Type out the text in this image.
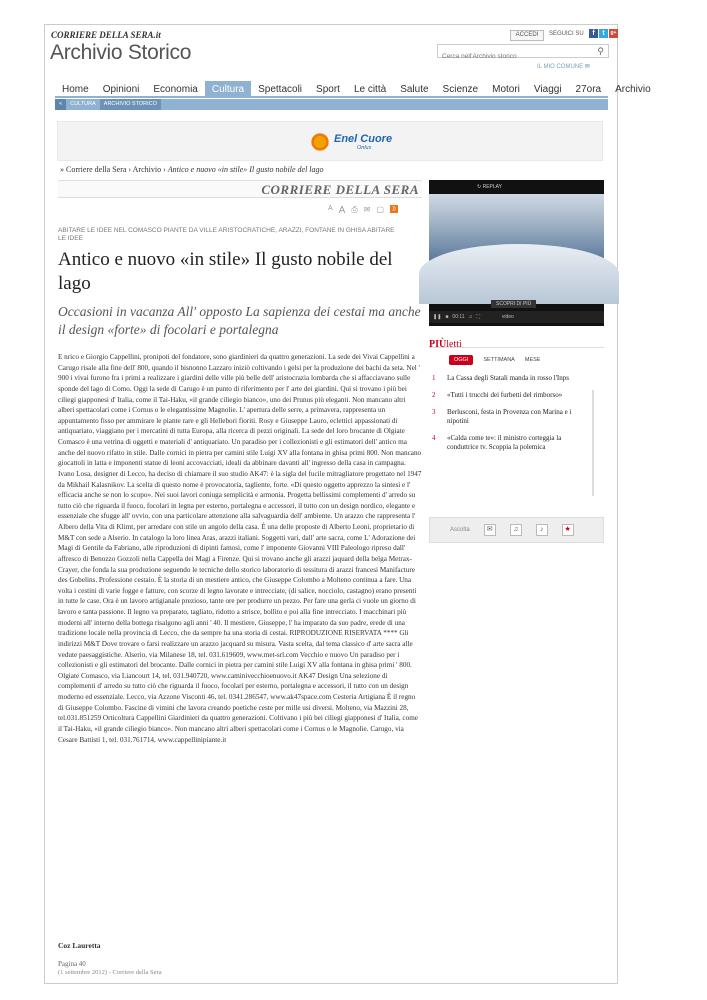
CORRIERE DELLA SERA.it
Archivio Storico
ACCEDI	SEGUICI SU	f	t	g+
Cerca nell'Archivio storico
⚲
IL MIO COMUNE ✉
Home	Opinioni	Economia	Cultura	Spettacoli	Sport	Le città	Salute	Scienze	Motori	Viaggi	27ora	Archivio
<	CULTURA	ARCHIVIO STORICO
Enel Cuore
Onlus
» Corriere della Sera › Archivio › Antico e nuovo «in stile» Il gusto nobile del lago
CORRIERE DELLA SERA
A A ⎙ ✉ ▢	))
ABITARE LE IDEE NEL COMASCO PIANTE DA VILLE ARISTOCRATICHE, ARAZZI, FONTANE IN GHISA ABITARE LE IDEE
Antico e nuovo «in stile» Il gusto nobile del lago
Occasioni in vacanza All' opposto La sapienza dei cestai ma anche il design «forte» di focolari e portalegna
E nrico e Giorgio Cappellini, pronipoti del fondatore, sono giardinieri da quattro generazioni. La sede dei Vivai Cappellini a Carugo risale alla fine dell' 800, quando il bisnonno Lazzaro iniziò coltivando i gelsi per la produzione dei bachi da seta. Nel ' 900 i vivai furono fra i primi a realizzare i giardini delle ville più belle dell' aristocrazia lombarda che si affacciavano sulle sponde del lago di Como. Oggi la sede di Carugo è un punto di riferimento per l' arte dei giardini. Qui si trovano i più bei ciliegi giapponesi d' Italia, come il Tai-Haku, «il grande ciliegio bianco», uno dei Prunus più eleganti. Non mancano altri alberi spettacolari come i Cornus o le elegantissime Magnolie. L' apertura delle serre, a primavera, rappresenta un appuntamento fisso per ammirare le piante rare e gli Hellebori fioriti. Rosy e Giuseppe Lauro, eclettici appassionati di antiquariato, viaggiano per i mercatini di tutta Europa, alla ricerca di pezzi originali. La sede del loro brocante di Olgiate Comasco è una vetrina di oggetti e materiali d' antiquariato. Un paradiso per i collezionisti e gli estimatori dell' antico ma anche del nuovo rifatto in stile. Dalle cornici in pietra per camini stile Luigi XV alla fontana in ghisa primi 800. Non mancano giocattoli in latta e imponenti statue di leoni accovacciati, ideali da abbinare davanti all' ingresso della casa in campagna. Ivano Losa, designer di Lecco, ha deciso di chiamare il suo studio AK47: è la sigla del fucile mitragliatore progettato nel 1947 da Mikhail Kalasnikov. La scelta di questo nome è provocatoria, tagliente, forte. «Di questo oggetto apprezzo la sintesi e l' efficacia anche se non lo scopo». Nei suoi lavori coniuga semplicità e armonia. Progetta bellissimi complementi d' arredo su tutto ciò che riguarda il fuoco, focolari in legna per esterno, portalegna e accessori, il tutto con un design nordico, elegante e essenziale che sfugge all' ovvio, con una particolare attenzione alla salvaguardia dell' ambiente. Un arazzo che rappresenta l' Albero della Vita di Klimt, per arredare con stile un angolo della casa. È una delle proposte di Alberto Leoni, proprietario di M&T con sede a Alserio. In catalogo la loro linea Aras, arazzi italiani. Soggetti vari, dall' arte sacra, come L' Adorazione dei Magi di Gentile da Fabriano, alle riproduzioni di dipinti famosi, come l' imponente Giovanni VIII Paleologo ripreso dall' affresco di Benozzo Gozzoli nella Cappella dei Magi a Firenze. Qui si trovano anche gli arazzi jaquard della belga Metrax-Crayer, che fonda la sua produzione seguendo le tecniche dello storico laboratorio di tessitura di arazzi francesi Manifacture des Gobelins. Professione cestaio. È la storia di un mestiere antico, che Giuseppe Colombo a Molteno continua a fare. Una volta i cestini di varie fogge e fatture, con scorze di legno lavorate e intrecciate, (di salice, nocciolo, castagno) erano presenti in tutte le case. Ora è un lavoro artigianale prezioso, tante ore per produrre un pezzo. Per fare una gerla ci vuole un giorno di lavoro e tanta passione. Il legno va preparato, tagliato, ridotto a strisce, bollito e poi alla fine intrecciato. I macchinari più moderni all' interno della bottega risalgono agli anni ' 40. Il mestiere, Giuseppe, l' ha imparato da suo padre, erede di una tradizione locale nella provincia di Lecco, che da sempre ha una storia di cestai. RIPRODUZIONE RISERVATA **** Gli indirizzi M&T Dove trovare o farsi realizzare un arazzo jacquard su misura. Vasta scelta, dal tema classico d' arte sacra alle vedute paesaggistiche. Alserio, via Milanese 18, tel. 031.619609, www.met-srl.com Vecchio e nuovo Un paradiso per i collezionisti e gli estimatori del brocante. Dalle cornici in pietra per camini stile Luigi XV alla fontana in ghisa primi ' 800. Olgiate Comasco, via Liancourt 14, tel. 031.940720, www.caminivecchioenuovo.it AK47 Design Una selezione di complementi d' arredo su tutto ciò che riguarda il fuoco, focolari per esterno, portalegna e accessori, il tutto con un design moderno ed essenziale. Lecco, via Azzone Visconti 46, tel. 0341.286547, www.ak47space.com Cesteria Artigiana È il regno di Giuseppe Colombo. Fascine di vimini che lavora creando poetiche ceste per mille usi diversi. Molteno, via Mazzini 28, tel.031.851259 Orticoltura Cappellini Giardinieri da quattro generazioni. Coltivano i più bei ciliegi giapponesi d' Italia, come il Tai-Haku, «il grande ciliegio bianco». Non mancano altri alberi spettacolari come i Cornus o le Magnolie. Carugo, via Cesare Battisti 1, tel. 031.761714, www.cappellinipiante.it
Coz Lauretta
Pagina 40
(1 settembre 2012) - Corriere della Sera
↻ REPLAY
SCOPRI DI PIÙ
❚❚ ■ 00:11 ♫ ⛶	video
PIÙletti
OGGI	SETTIMANA MESE
1	La Cassa degli Statali manda in rosso l'Inps
2	«Tutti i trucchi dei furbetti del rimborso»
3	Berlusconi, festa in Provenza con Marina e i nipotini
4	«Calda come te»: il ministro corteggia la conduttrice tv. Scoppia la polemica
Ascolta	✉	♫	♪	★
